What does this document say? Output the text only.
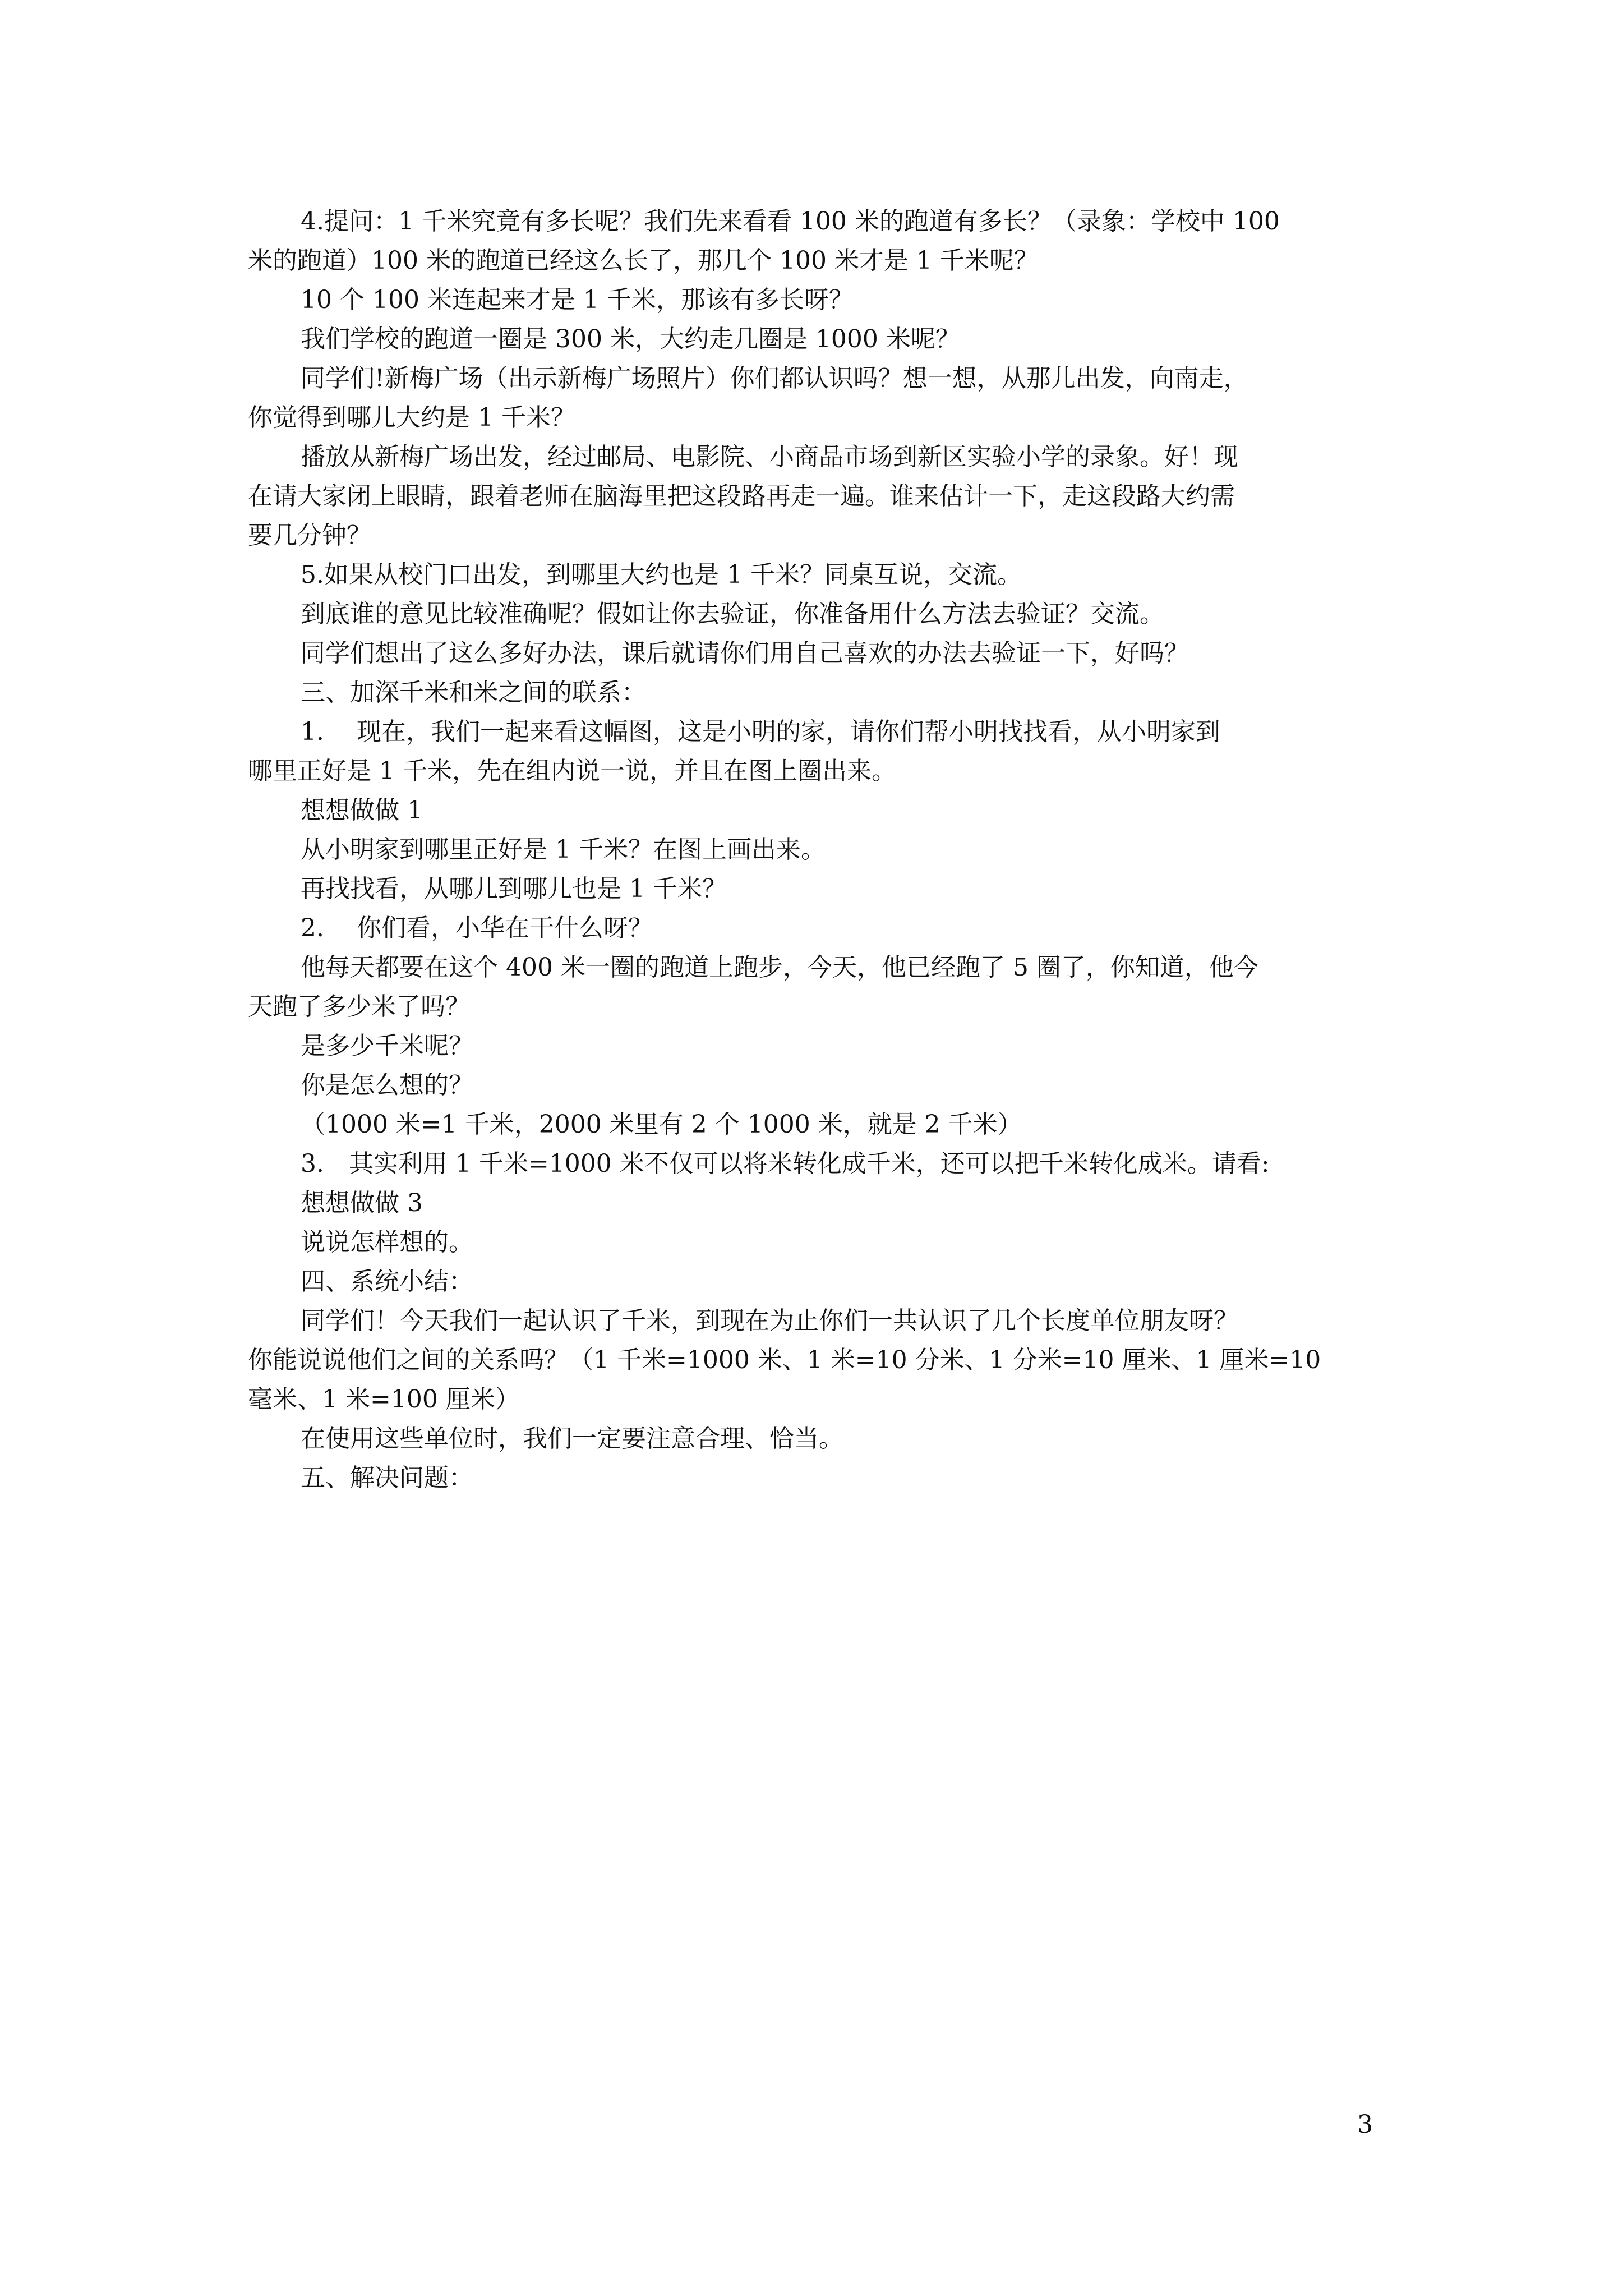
4.提问：1 千米究竟有多长呢？我们先来看看 100 米的跑道有多长？（录象：学校中 100
米的跑道）100 米的跑道已经这么长了，那几个 100 米才是 1 千米呢？
10 个 100 米连起来才是 1 千米，那该有多长呀？
我们学校的跑道一圈是 300 米，大约走几圈是 1000 米呢？
同学们!新梅广场（出示新梅广场照片）你们都认识吗？想一想，从那儿出发，向南走，
你觉得到哪儿大约是 1 千米？
播放从新梅广场出发，经过邮局、电影院、小商品市场到新区实验小学的录象。好！现
在请大家闭上眼睛，跟着老师在脑海里把这段路再走一遍。谁来估计一下，走这段路大约需
要几分钟？
5.如果从校门口出发，到哪里大约也是 1 千米？同桌互说，交流。
到底谁的意见比较准确呢？假如让你去验证，你准备用什么方法去验证？交流。
同学们想出了这么多好办法，课后就请你们用自己喜欢的办法去验证一下，好吗？
三、加深千米和米之间的联系：
1.　 现在，我们一起来看这幅图，这是小明的家，请你们帮小明找找看，从小明家到
哪里正好是 1 千米，先在组内说一说，并且在图上圈出来。
想想做做 1
从小明家到哪里正好是 1 千米？在图上画出来。
再找找看，从哪儿到哪儿也是 1 千米？
2.　 你们看，小华在干什么呀？
他每天都要在这个 400 米一圈的跑道上跑步，今天，他已经跑了 5 圈了，你知道，他今
天跑了多少米了吗？
是多少千米呢？
你是怎么想的？
（1000 米=1 千米，2000 米里有 2 个 1000 米，就是 2 千米）
3.　其实利用 1 千米=1000 米不仅可以将米转化成千米，还可以把千米转化成米。请看:
想想做做 3
说说怎样想的。
四、系统小结：
同学们！今天我们一起认识了千米，到现在为止你们一共认识了几个长度单位朋友呀？
你能说说他们之间的关系吗？（1 千米=1000 米、1 米=10 分米、1 分米=10 厘米、1 厘米=10
毫米、1 米=100 厘米）
在使用这些单位时，我们一定要注意合理、恰当。
五、解决问题：
3
